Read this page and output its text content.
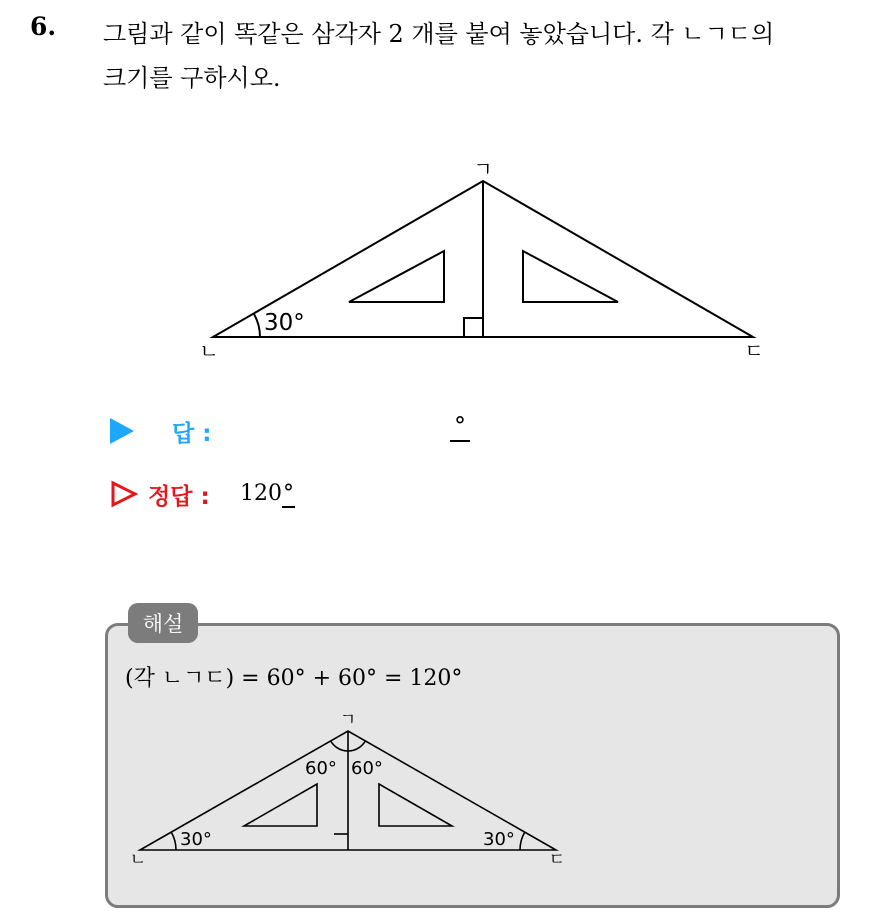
6. 그림과 같이 똑같은 삼각자 2 개를 붙여 놓았습니다. 각 ㄴㄱㄷ의
크기를 구하시오.
ㄱ
ㄴ	ㄷ
30°
답 :	°
정답 : 120°
해설
(각 ㄴㄱㄷ) = 60° + 60° = 120°
ㄱ
ㄴ	ㄷ
30°	30°
60° 60°
